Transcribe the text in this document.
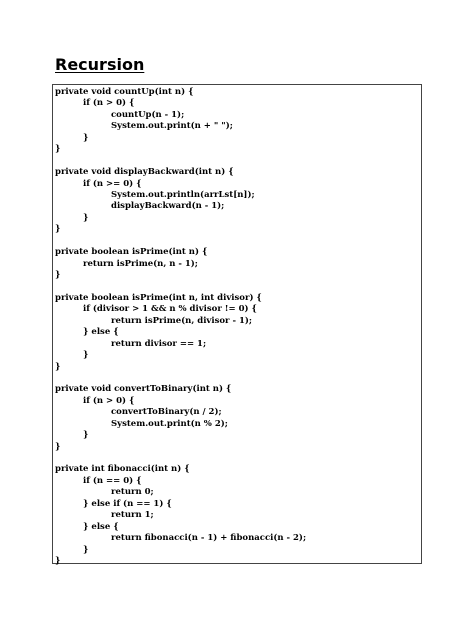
Recursion
private void countUp(int n) {
if (n > 0) {
countUp(n - 1);
System.out.print(n + " ");
}
}
private void displayBackward(int n) {
if (n >= 0) {
System.out.println(arrLst[n]);
displayBackward(n - 1);
}
}
private boolean isPrime(int n) {
return isPrime(n, n - 1);
}
private boolean isPrime(int n, int divisor) {
if (divisor > 1 && n % divisor != 0) {
return isPrime(n, divisor - 1);
} else {
return divisor == 1;
}
}
private void convertToBinary(int n) {
if (n > 0) {
convertToBinary(n / 2);
System.out.print(n % 2);
}
}
private int fibonacci(int n) {
if (n == 0) {
return 0;
} else if (n == 1) {
return 1;
} else {
return fibonacci(n - 1) + fibonacci(n - 2);
}
}
